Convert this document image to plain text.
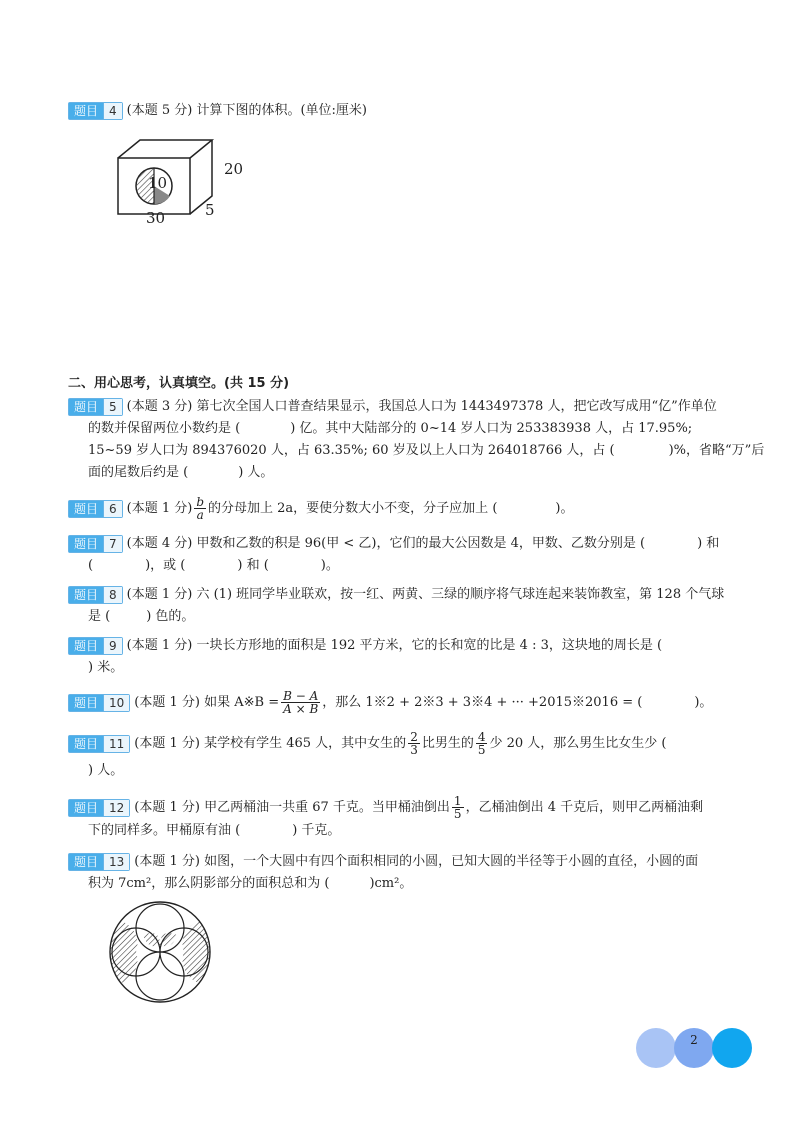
题目 4 (本题 5 分) 计算下图的体积。(单位:厘米)
10
20
5
30
二、用心思考，认真填空。(共 15 分)
题目 5 (本题 3 分) 第七次全国人口普查结果显示，我国总人口为 1443497378 人，把它改写成用“亿”作单位
的数并保留两位小数约是 (	) 亿。其中大陆部分的 0~14 岁人口为 253383938 人，占 17.95%;
15~59 岁人口为 894376020 人，占 63.35%; 60 岁及以上人口为 264018766 人，占 (	)%，省略“万”后
面的尾数后约是 (	) 人。
题目 6 (本题 1 分) $\frac{b}{a}$ 的分母加上 2a，要使分数大小不变，分子应加上 (	)。
题目 7 (本题 4 分) 甲数和乙数的积是 96(甲 < 乙)，它们的最大公因数是 4，甲数、乙数分别是 (	) 和
(	)，或 (	) 和 (	)。
题目 8 (本题 1 分) 六 (1) 班同学毕业联欢，按一红、两黄、三绿的顺序将气球连起来装饰教室，第 128 个气球
是 (	) 色的。
题目 9 (本题 1 分) 一块长方形地的面积是 192 平方米，它的长和宽的比是 4 : 3，这块地的周长是 (
) 米。
题目 10 (本题 1 分) 如果 A※B = $\frac{B - A}{A \times B}$ ，那么 1※2 + 2※3 + 3※4 + ··· +2015※2016 = (	)。
题目 11 (本题 1 分) 某学校有学生 465 人，其中女生的 $\frac{2}{3}$ 比男生的 $\frac{4}{5}$ 少 20 人，那么男生比女生少 (
) 人。
题目 12 (本题 1 分) 甲乙两桶油一共重 67 千克。当甲桶油倒出 $\frac{1}{5}$ ，乙桶油倒出 4 千克后，则甲乙两桶油剩
下的同样多。甲桶原有油 (	) 千克。
题目 13 (本题 1 分) 如图，一个大圆中有四个面积相同的小圆，已知大圆的半径等于小圆的直径，小圆的面
积为 7cm²，那么阴影部分的面积总和为 (	)cm²。
2
